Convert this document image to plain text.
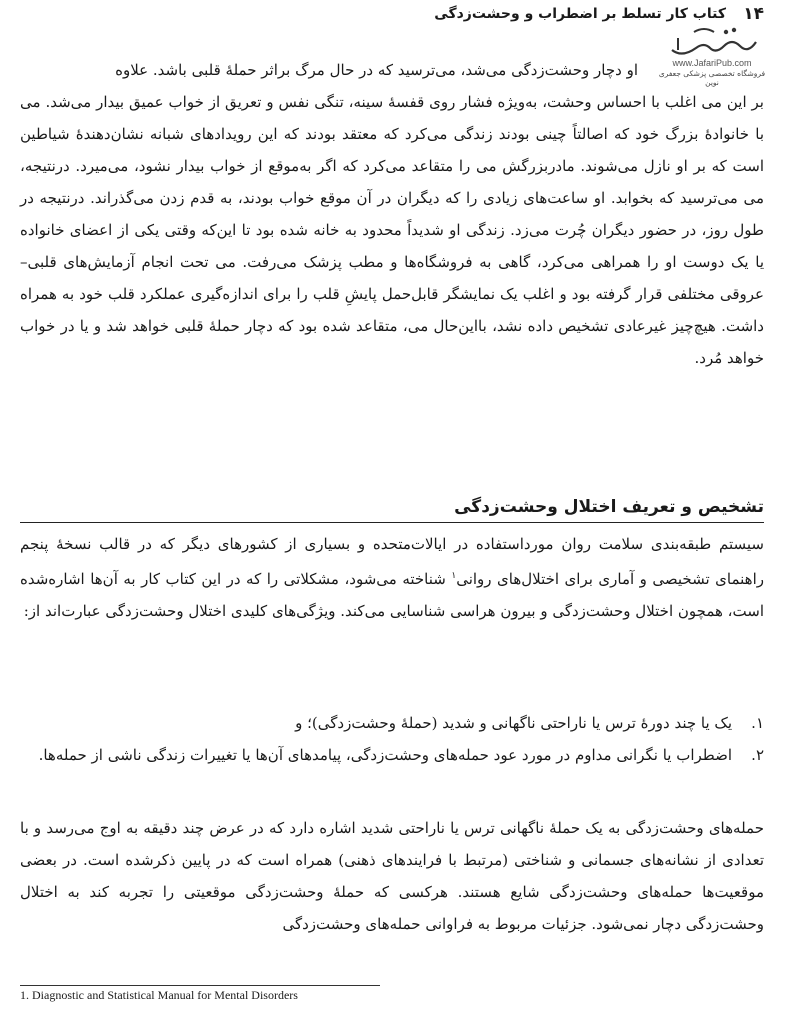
۱۴
کتاب کار تسلط بر اضطراب و وحشت‌زدگی
www.JafariPub.com
فروشگاه تخصصی پزشکی جعفری نوین
او دچار وحشت‌زدگی می‌شد، می‌ترسید که در حال مرگ براثر حملهٔ قلبی باشد. علاوه
بر این می اغلب با احساس وحشت، به‌ویژه فشار روی قفسهٔ سینه، تنگی نفس و تعریق از خواب عمیق بیدار می‌شد. می با خانوادهٔ بزرگ خود که اصالتاً چینی بودند زندگی می‌کرد که معتقد بودند که این رویدادهای شبانه نشان‌دهندهٔ شیاطین است که بر او نازل می‌شوند. مادربزرگش می را متقاعد می‌کرد که اگر به‌موقع از خواب بیدار نشود، می‌میرد. درنتیجه، می می‌ترسید که بخوابد. او ساعت‌های زیادی را که دیگران در آن موقع خواب بودند، به قدم زدن می‌گذراند. درنتیجه در طول روز، در حضور دیگران چُرت می‌زد. زندگی او شدیداً محدود به خانه شده بود تا این‌که وقتی یکی از اعضای خانواده یا یک دوست او را همراهی می‌کرد، گاهی به فروشگاه‌ها و مطب پزشک می‌رفت. می تحت انجام آزمایش‌های قلبی–عروقی مختلفی قرار گرفته بود و اغلب یک نمایشگر قابل‌حمل پایشِ قلب را برای اندازه‌گیری عملکرد قلب خود به همراه داشت. هیچ‌چیز غیرعادی تشخیص داده نشد، بااین‌حال می، متقاعد شده بود که دچار حملهٔ قلبی خواهد شد و یا در خواب خواهد مُرد.
تشخیص و تعریف اختلال وحشت‌زدگی
سیستم طبقه‌بندی سلامت روان مورداستفاده در ایالات‌متحده و بسیاری از کشورهای دیگر که در قالب نسخهٔ پنجم راهنمای تشخیصی و آماری برای اختلال‌های روانی$^۱$ شناخته می‌شود، مشکلاتی را که در این کتاب کار به آن‌ها اشاره‌شده است، همچون اختلال وحشت‌زدگی و بیرون هراسی شناسایی می‌کند. ویژگی‌های کلیدی اختلال وحشت‌زدگی عبارت‌اند از:
۱.
یک یا چند دورهٔ ترس یا ناراحتی ناگهانی و شدید (حملهٔ وحشت‌زدگی)؛ و
۲.
اضطراب یا نگرانی مداوم در مورد عود حمله‌های وحشت‌زدگی، پیامدهای آن‌ها یا تغییرات زندگی ناشی از حمله‌ها.
حمله‌های وحشت‌زدگی به یک حملهٔ ناگهانی ترس یا ناراحتی شدید اشاره دارد که در عرض چند دقیقه به اوج می‌رسد و با تعدادی از نشانه‌های جسمانی و شناختی (مرتبط با فرایندهای ذهنی) همراه است که در پایین ذکرشده است. در بعضی موقعیت‌ها حمله‌های وحشت‌زدگی شایع هستند. هرکسی که حملهٔ وحشت‌زدگی موقعیتی را تجربه کند به اختلال وحشت‌زدگی دچار نمی‌شود. جزئیات مربوط به فراوانی حمله‌های وحشت‌زدگی
1. Diagnostic and Statistical Manual for Mental Disorders
